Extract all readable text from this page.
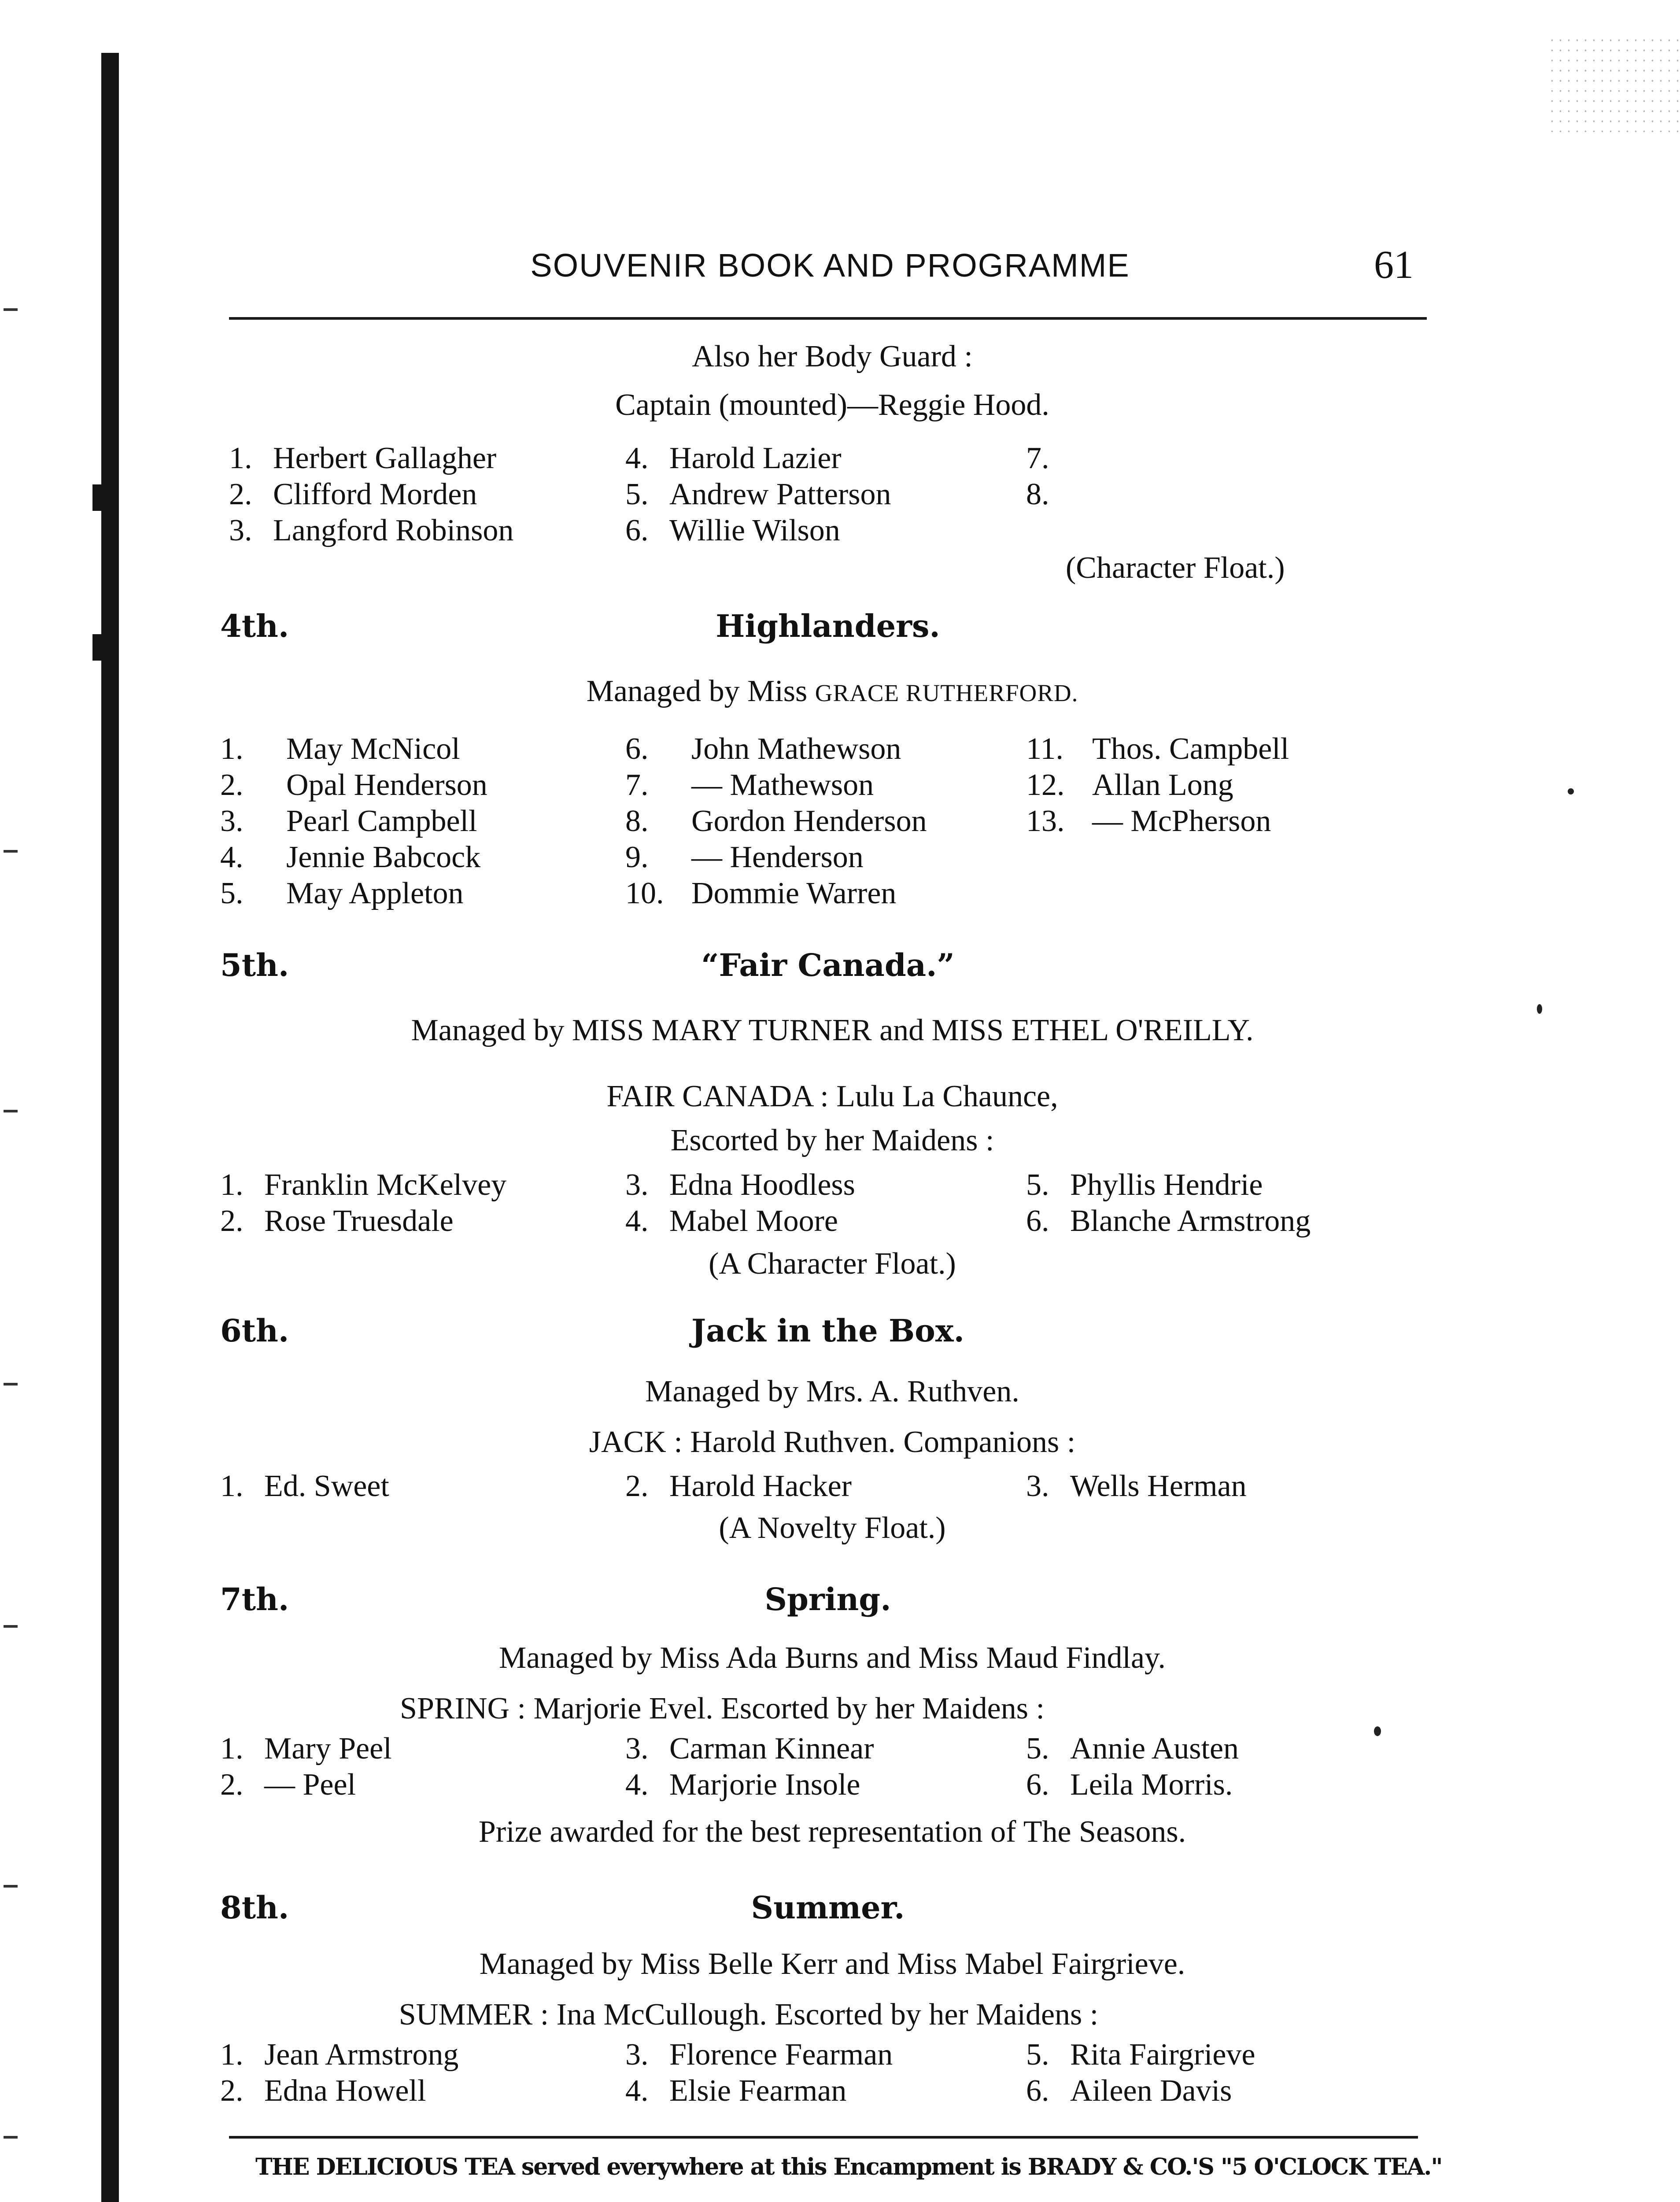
SOUVENIR BOOK AND PROGRAMME	61
Also her Body Guard :
Captain (mounted)—Reggie Hood.
1. Herbert Gallagher
2. Clifford Morden
3. Langford Robinson
4. Harold Lazier
5. Andrew Patterson
6. Willie Wilson
7.
8.
(Character Float.)
4th.	Highlanders.
Managed by Miss GRACE RUTHERFORD.
1. May McNicol
2. Opal Henderson
3. Pearl Campbell
4. Jennie Babcock
5. May Appleton
6. John Mathewson
7. — Mathewson
8. Gordon Henderson
9. — Henderson
10. Dommie Warren
11. Thos. Campbell
12. Allan Long
13. — McPherson
5th.	“Fair Canada.”
Managed by MISS MARY TURNER and MISS ETHEL O'REILLY.
FAIR CANADA : Lulu La Chaunce,
Escorted by her Maidens :
1. Franklin McKelvey
2. Rose Truesdale
3. Edna Hoodless
4. Mabel Moore
5. Phyllis Hendrie
6. Blanche Armstrong
(A Character Float.)
6th.	Jack in the Box.
Managed by Mrs. A. Ruthven.
JACK : Harold Ruthven. Companions :
1. Ed. Sweet	2. Harold Hacker	3. Wells Herman
(A Novelty Float.)
7th.	Spring.
Managed by Miss Ada Burns and Miss Maud Findlay.
SPRING : Marjorie Evel. Escorted by her Maidens :
1. Mary Peel
2. — Peel
3. Carman Kinnear
4. Marjorie Insole
5. Annie Austen
6. Leila Morris.
Prize awarded for the best representation of The Seasons.
8th.	Summer.
Managed by Miss Belle Kerr and Miss Mabel Fairgrieve.
SUMMER : Ina McCullough. Escorted by her Maidens :
1. Jean Armstrong
2. Edna Howell
3. Florence Fearman
4. Elsie Fearman
5. Rita Fairgrieve
6. Aileen Davis
THE DELICIOUS TEA served everywhere at this Encampment is BRADY & CO.'S "5 O'CLOCK TEA."
